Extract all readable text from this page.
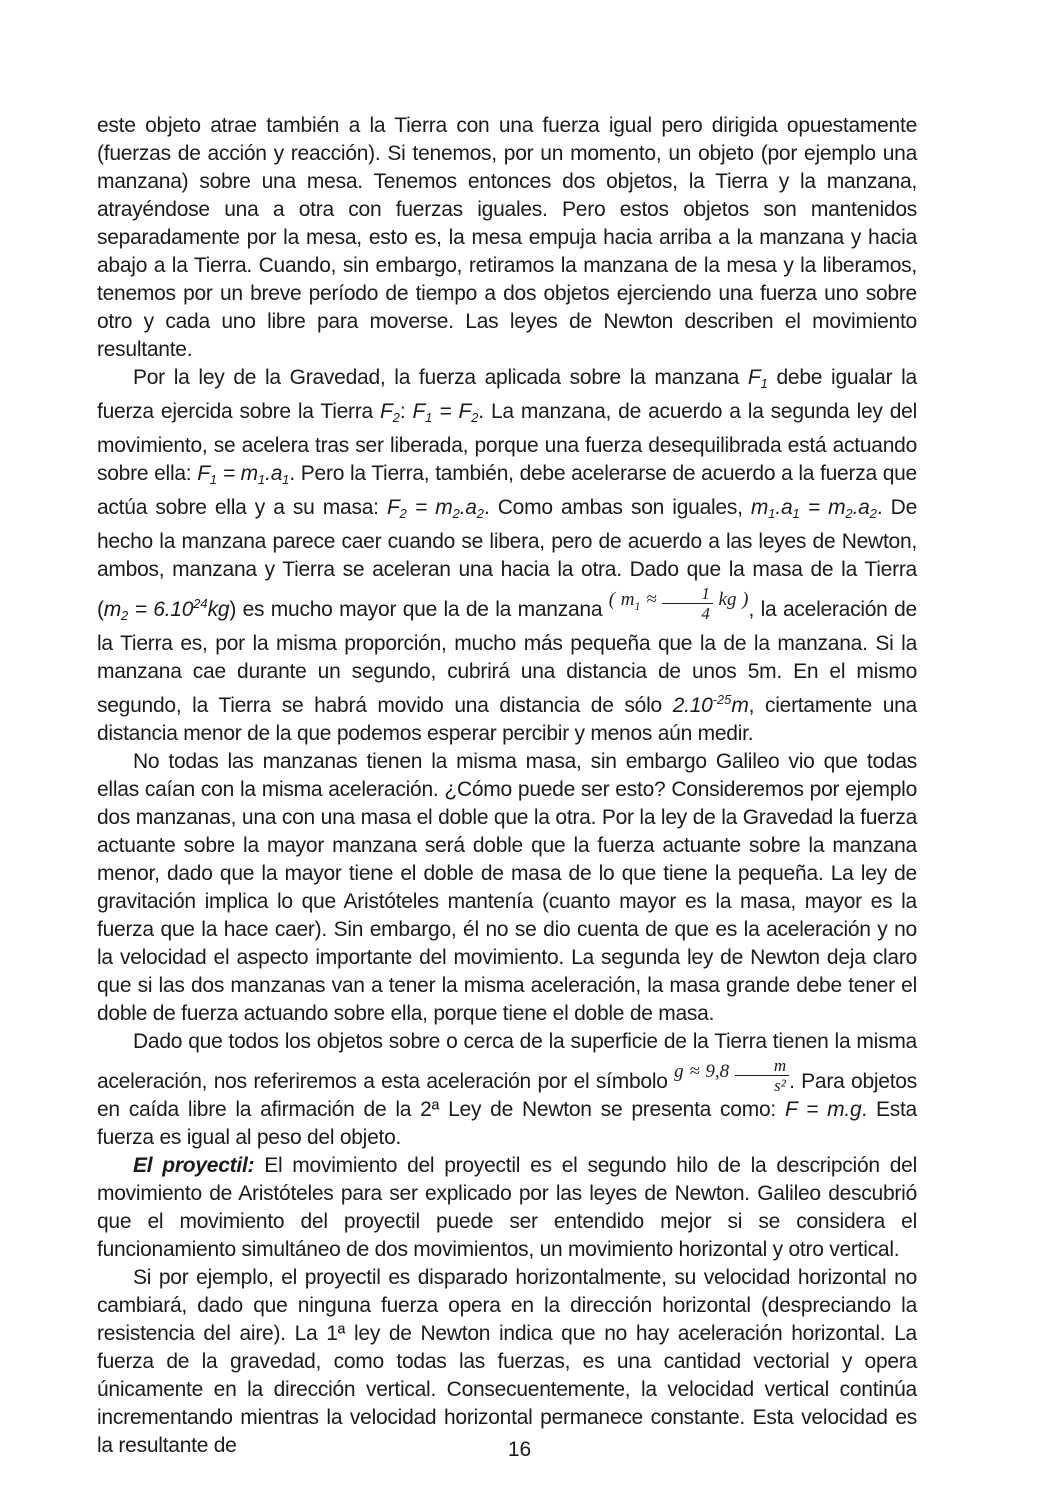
este objeto atrae también a la Tierra con una fuerza igual pero dirigida opuestamente (fuerzas de acción y reacción). Si tenemos, por un momento, un objeto (por ejemplo una manzana) sobre una mesa. Tenemos entonces dos objetos, la Tierra y la manzana, atrayéndose una a otra con fuerzas iguales. Pero estos objetos son mantenidos separadamente por la mesa, esto es, la mesa empuja hacia arriba a la manzana y hacia abajo a la Tierra. Cuando, sin embargo, retiramos la manzana de la mesa y la liberamos, tenemos por un breve período de tiempo a dos objetos ejerciendo una fuerza uno sobre otro y cada uno libre para moverse. Las leyes de Newton describen el movimiento resultante.

Por la ley de la Gravedad, la fuerza aplicada sobre la manzana F1 debe igualar la fuerza ejercida sobre la Tierra F2: F1 = F2. La manzana, de acuerdo a la segunda ley del movimiento, se acelera tras ser liberada, porque una fuerza desequilibrada está actuando sobre ella: F1 = m1.a1. Pero la Tierra, también, debe acelerarse de acuerdo a la fuerza que actúa sobre ella y a su masa: F2 = m2.a2. Como ambas son iguales, m1.a1 = m2.a2. De hecho la manzana parece caer cuando se libera, pero de acuerdo a las leyes de Newton, ambos, manzana y Tierra se aceleran una hacia la otra. Dado que la masa de la Tierra $(m2 = 6.10^{24}kg)$ es mucho mayor que la de la manzana ( $m^1 \approx \frac{1}{4}$ kg ), la aceleración de la Tierra es, por la misma proporción, mucho más pequeña que la de la manzana. Si la manzana cae durante un segundo, cubrirá una distancia de unos 5m. En el mismo segundo, la Tierra se habrá movido una distancia de sólo $2.10^{-25}m$, ciertamente una distancia menor de la que podemos esperar percibir y menos aún medir.

No todas las manzanas tienen la misma masa, sin embargo Galileo vio que todas ellas caían con la misma aceleración. ¿Cómo puede ser esto? Consideremos por ejemplo dos manzanas, una con una masa el doble que la otra. Por la ley de la Gravedad la fuerza actuante sobre la mayor manzana será doble que la fuerza actuante sobre la manzana menor, dado que la mayor tiene el doble de masa de lo que tiene la pequeña. La ley de gravitación implica lo que Aristóteles mantenía (cuanto mayor es la masa, mayor es la fuerza que la hace caer). Sin embargo, él no se dio cuenta de que es la aceleración y no la velocidad el aspecto importante del movimiento. La segunda ley de Newton deja claro que si las dos manzanas van a tener la misma aceleración, la masa grande debe tener el doble de fuerza actuando sobre ella, porque tiene el doble de masa.

Dado que todos los objetos sobre o cerca de la superficie de la Tierra tienen la misma aceleración, nos referiremos a esta aceleración por el símbolo $g \approx 9,8 \frac{m}{\text{s²}}$ . Para objetos en caída libre la afirmación de la 2ª Ley de Newton se presenta como: F = m.g. Esta fuerza es igual al peso del objeto.

El proyectil: El movimiento del proyectil es el segundo hilo de la descripción del movimiento de Aristóteles para ser explicado por las leyes de Newton. Galileo descubrió que el movimiento del proyectil puede ser entendido mejor si se considera el funcionamiento simultáneo de dos movimientos, un movimiento horizontal y otro vertical.

Si por ejemplo, el proyectil es disparado horizontalmente, su velocidad horizontal no cambiará, dado que ninguna fuerza opera en la dirección horizontal (despreciando la resistencia del aire). La 1ª ley de Newton indica que no hay aceleración horizontal. La fuerza de la gravedad, como todas las fuerzas, es una cantidad vectorial y opera únicamente en la dirección vertical. Consecuentemente, la velocidad vertical continúa incrementando mientras la velocidad horizontal permanece constante. Esta velocidad es la resultante de	16
